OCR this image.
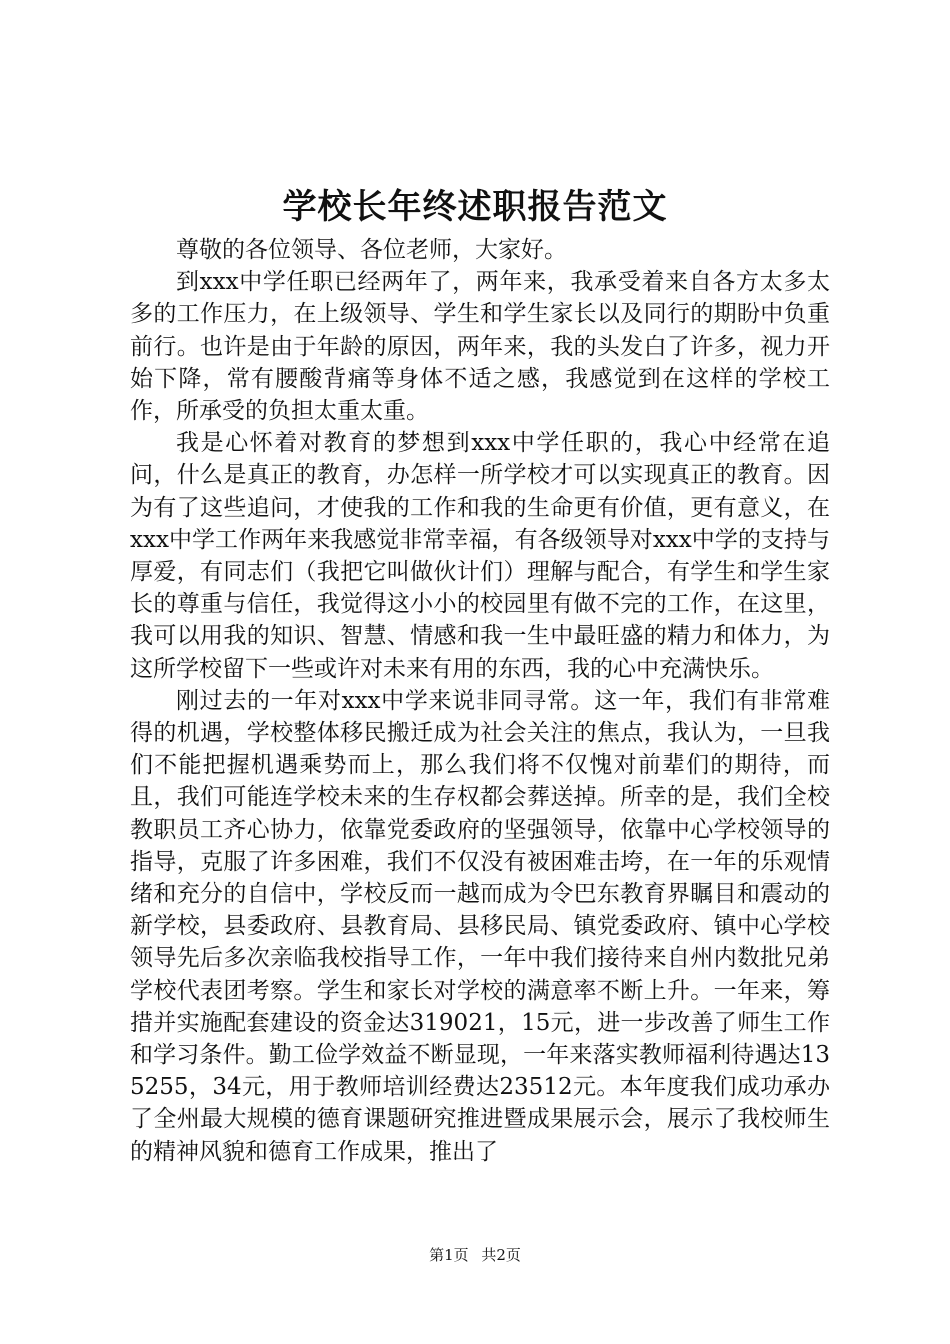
学校长年终述职报告范文

尊敬的各位领导、各位老师，大家好。

到xxx中学任职已经两年了，两年来，我承受着来自各方太多太多的工作压力，在上级领导、学生和学生家长以及同行的期盼中负重前行。也许是由于年龄的原因，两年来，我的头发白了许多，视力开始下降，常有腰酸背痛等身体不适之感，我感觉到在这样的学校工作，所承受的负担太重太重。

我是心怀着对教育的梦想到xxx中学任职的，我心中经常在追问，什么是真正的教育，办怎样一所学校才可以实现真正的教育。因为有了这些追问，才使我的工作和我的生命更有价值，更有意义，在xxx中学工作两年来我感觉非常幸福，有各级领导对xxx中学的支持与厚爱，有同志们（我把它叫做伙计们）理解与配合，有学生和学生家长的尊重与信任，我觉得这小小的校园里有做不完的工作，在这里，我可以用我的知识、智慧、情感和我一生中最旺盛的精力和体力，为这所学校留下一些或许对未来有用的东西，我的心中充满快乐。

刚过去的一年对xxx中学来说非同寻常。这一年，我们有非常难得的机遇，学校整体移民搬迁成为社会关注的焦点，我认为，一旦我们不能把握机遇乘势而上，那么我们将不仅愧对前辈们的期待，而且，我们可能连学校未来的生存权都会葬送掉。所幸的是，我们全校教职员工齐心协力，依靠党委政府的坚强领导，依靠中心学校领导的指导，克服了许多困难，我们不仅没有被困难击垮，在一年的乐观情绪和充分的自信中，学校反而一越而成为令巴东教育界瞩目和震动的新学校，县委政府、县教育局、县移民局、镇党委政府、镇中心学校领导先后多次亲临我校指导工作，一年中我们接待来自州内数批兄弟学校代表团考察。学生和家长对学校的满意率不断上升。一年来，筹措并实施配套建设的资金达319021，15元，进一步改善了师生工作和学习条件。勤工俭学效益不断显现，一年来落实教师福利待遇达135255，34元，用于教师培训经费达23512元。本年度我们成功承办了全州最大规模的德育课题研究推进暨成果展示会，展示了我校师生的精神风貌和德育工作成果，推出了

第1页 共2页
